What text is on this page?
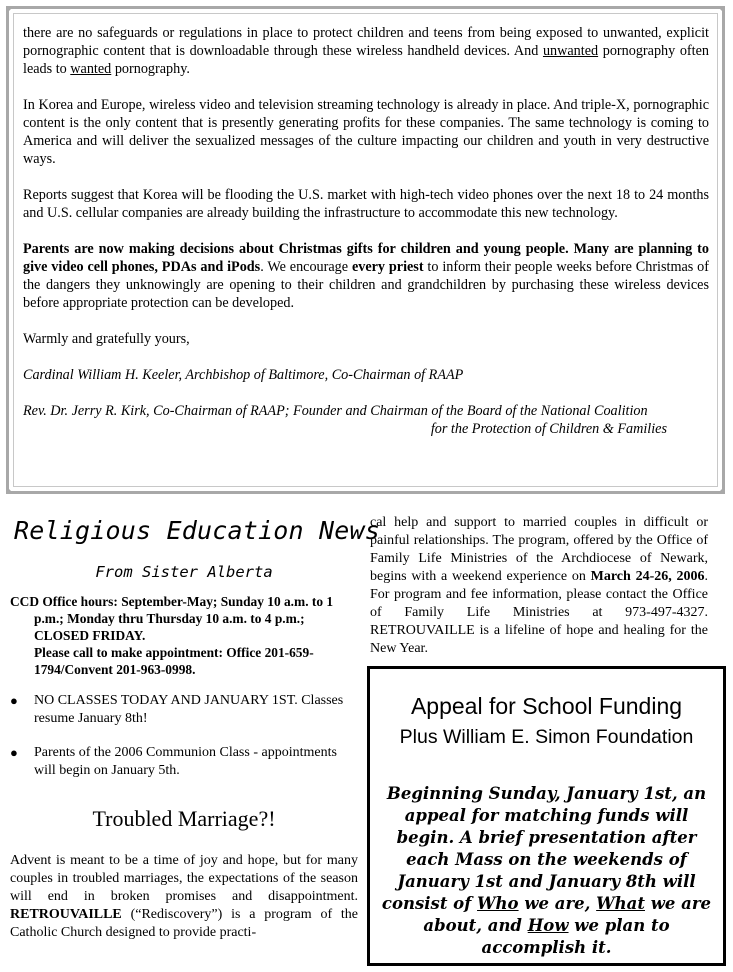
there are no safeguards or regulations in place to protect children and teens from being exposed to unwanted, explicit pornographic content that is downloadable through these wireless handheld devices. And unwanted pornography often leads to wanted pornography.

In Korea and Europe, wireless video and television streaming technology is already in place. And triple-X, pornographic content is the only content that is presently generating profits for these companies. The same technology is coming to America and will deliver the sexualized messages of the culture impacting our children and youth in very destructive ways.

Reports suggest that Korea will be flooding the U.S. market with high-tech video phones over the next 18 to 24 months and U.S. cellular companies are already building the infrastructure to accommodate this new technology.

Parents are now making decisions about Christmas gifts for children and young people. Many are planning to give video cell phones, PDAs and iPods. We encourage every priest to inform their people weeks before Christmas of the dangers they unknowingly are opening to their children and grandchildren by purchasing these wireless devices before appropriate protection can be developed.

Warmly and gratefully yours,

Cardinal William H. Keeler, Archbishop of Baltimore, Co-Chairman of RAAP

Rev. Dr. Jerry R. Kirk, Co-Chairman of RAAP; Founder and Chairman of the Board of the National Coalition
for the Protection of Children & Families

Religious Education News
From Sister Alberta
CCD Office hours: September-May; Sunday 10 a.m. to 1 p.m.; Monday thru Thursday 10 a.m. to 4 p.m.; CLOSED FRIDAY.
Please call to make appointment: Office 201-659-1794/Convent 201-963-0998.
● NO CLASSES TODAY AND JANUARY 1ST. Classes resume January 8th!
● Parents of the 2006 Communion Class - appointments will begin on January 5th.
Troubled Marriage?!

Advent is meant to be a time of joy and hope, but for many couples in troubled marriages, the expectations of the season will end in broken promises and disappointment. RETROUVAILLE (“Rediscovery”) is a program of the Catholic Church designed to provide practi-

cal help and support to married couples in difficult or painful relationships. The program, offered by the Office of Family Life Ministries of the Archdiocese of Newark, begins with a weekend experience on March 24-26, 2006. For program and fee information, please contact the Office of Family Life Ministries at 973-497-4327. RETROUVAILLE is a lifeline of hope and healing for the New Year.

Appeal for School Funding
Plus William E. Simon Foundation

Beginning Sunday, January 1st, an appeal for matching funds will begin. A brief presentation after each Mass on the weekends of January 1st and January 8th will consist of Who we are, What we are about, and How we plan to accomplish it.
